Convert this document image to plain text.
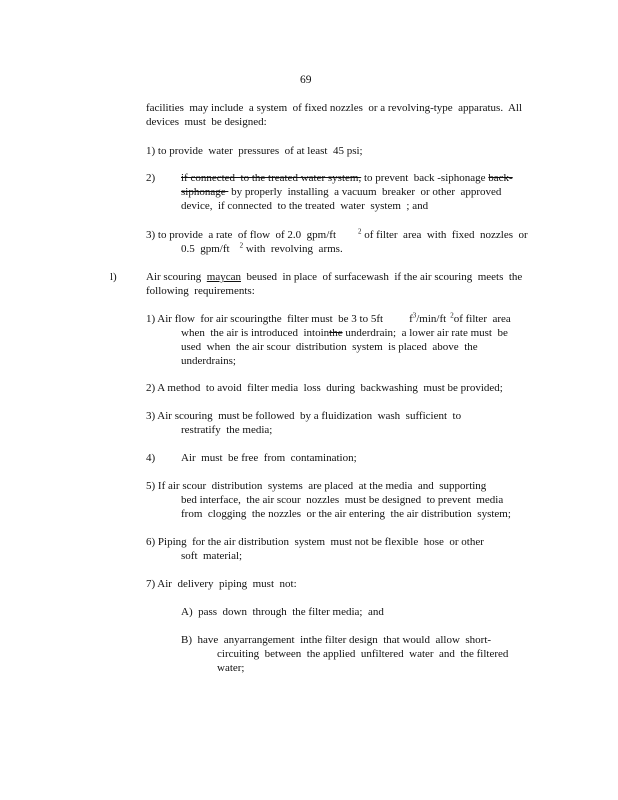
69
facilities  may include  a system  of fixed nozzles  or a revolving-type  apparatus.  All
devices  must  be designed:
1) to provide  water  pressures  of at least  45 psi;
2) if connected  to the treated water system, to prevent  back -siphonage back-
siphonage  by properly  installing  a vacuum  breaker  or other  approved
device,  if connected  to the treated  water  system  ; and
3) to provide  a rate  of flow  of 2.0  gpm/ft	$^2$ of filter  area  with  fixed  nozzles  or
0.5  gpm/ft $^2$ with  revolving  arms.
l)	Air scouring  maycan  beused  in place  of surfacewash  if the air scouring  meets  the
following  requirements:
1) Air flow  for air scouringthe  filter must  be 3 to 5ft $f^3/\min/ft$ $^2$of filter  area
when  the air is introduced  intointhe underdrain;  a lower air rate must  be
used  when  the air scour  distribution  system  is placed  above  the
underdrains;
2) A method  to avoid  filter media  loss  during  backwashing  must be provided;
3) Air scouring  must be followed  by a fluidization  wash  sufficient  to
restratify  the media;
4) Air  must  be free  from  contamination;
5) If air scour  distribution  systems  are placed  at the media  and  supporting
bed interface,  the air scour  nozzles  must be designed  to prevent  media
from  clogging  the nozzles  or the air entering  the air distribution  system;
6) Piping  for the air distribution  system  must not be flexible  hose  or other
soft  material;
7) Air  delivery  piping  must  not:
A)  pass  down  through  the filter media;  and
B)  have  anyarrangement  inthe filter design  that would  allow  short-
circuiting  between  the applied  unfiltered  water  and  the filtered
water;
